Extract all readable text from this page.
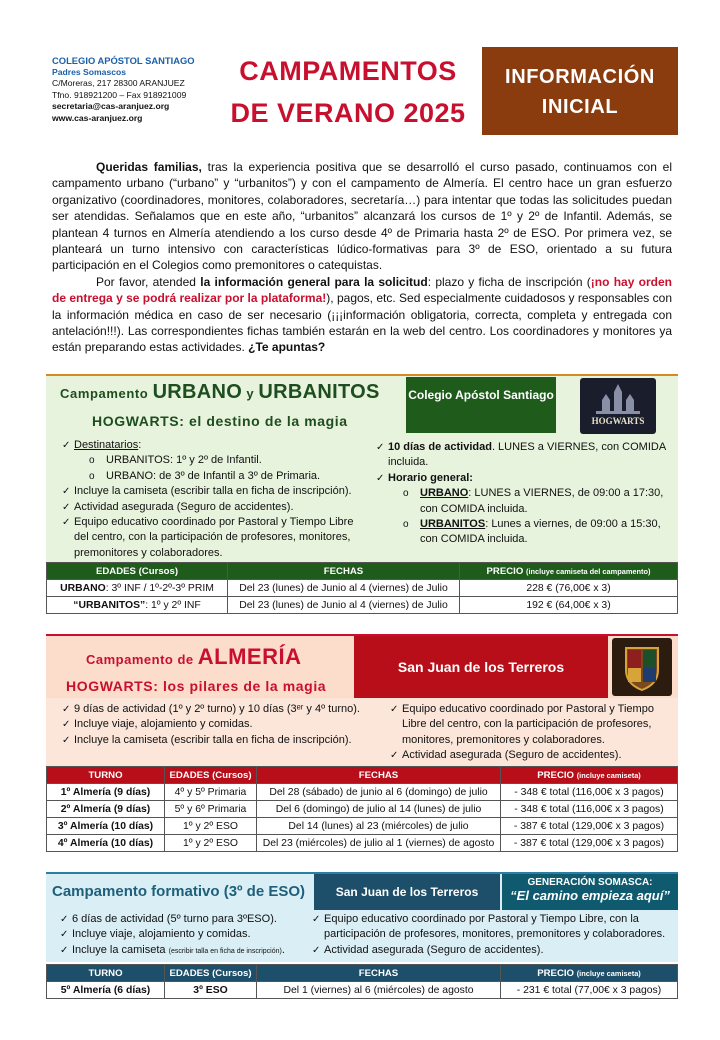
COLEGIO APÓSTOL SANTIAGO
Padres Somascos
C/Moreras, 217 28300 ARANJUEZ
Tfno. 918921200 – Fax 918921009
secretaria@cas-aranjuez.org
www.cas-aranjuez.org
CAMPAMENTOS
DE VERANO 2025
INFORMACIÓN
INICIAL

Queridas familias, tras la experiencia positiva que se desarrolló el curso pasado, continuamos con el campamento urbano (“urbano” y “urbanitos”) y con el campamento de Almería. El centro hace un gran esfuerzo organizativo (coordinadores, monitores, colaboradores, secretaría…) para intentar que todas las solicitudes puedan ser atendidas. Señalamos que en este año, “urbanitos” alcanzará los cursos de 1º y 2º de Infantil. Además, se plantean 4 turnos en Almería atendiendo a los curso desde 4º de Primaria hasta 2º de ESO. Por primera vez, se planteará un turno intensivo con características lúdico-formativas para 3º de ESO, orientado a su futura participación en el Colegios como premonitores o catequistas.

Por favor, atended la información general para la solicitud: plazo y ficha de inscripción (¡no hay orden de entrega y se podrá realizar por la plataforma!), pagos, etc. Sed especialmente cuidadosos y responsables con la información médica en caso de ser necesario (¡¡¡información obligatoria, correcta, completa y entregada con antelación!!!). Las correspondientes fichas también estarán en la web del centro. Los coordinadores y monitores ya están preparando estas actividades. ¿Te apuntas?

Campamento URBANO y URBANITOS
HOGWARTS: el destino de la magia
Colegio Apóstol Santiago
HOGWARTS
✓ Destinatarios:
o URBANITOS: 1º y 2º de Infantil.
o URBANO: de 3º de Infantil a 3º de Primaria.
✓ Incluye la camiseta (escribir talla en ficha de inscripción).
✓ Actividad asegurada (Seguro de accidentes).
✓ Equipo educativo coordinado por Pastoral y Tiempo Libre del centro, con la participación de profesores, monitores, premonitores y colaboradores.
✓ 10 días de actividad. LUNES a VIERNES, con COMIDA incluida.
✓ Horario general:
o URBANO: LUNES a VIERNES, de 09:00 a 17:30, con COMIDA incluida.
o URBANITOS: Lunes a viernes, de 09:00 a 15:30, con COMIDA incluida.
EDADES (Cursos)	FECHAS	PRECIO (incluye camiseta del campamento)
URBANO: 3º INF / 1º-2º-3º PRIM	Del 23 (lunes) de Junio al 4 (viernes) de Julio	228 € (76,00€ x 3)
“URBANITOS”: 1º y 2º INF	Del 23 (lunes) de Junio al 4 (viernes) de Julio	192 € (64,00€ x 3)
Campamento de ALMERÍA
HOGWARTS: los pilares de la magia
San Juan de los Terreros
✓ 9 días de actividad (1º y 2º turno) y 10 días (3ᵉʳ y 4º turno).
✓ Incluye viaje, alojamiento y comidas.
✓ Incluye la camiseta (escribir talla en ficha de inscripción).
✓ Equipo educativo coordinado por Pastoral y Tiempo Libre del centro, con la participación de profesores, monitores, premonitores y colaboradores.
✓ Actividad asegurada (Seguro de accidentes).
TURNO	EDADES (Cursos)	FECHAS	PRECIO (incluye camiseta)
1º Almería (9 días)	4º y 5º Primaria	Del 28 (sábado) de junio al 6 (domingo) de julio	- 348 € total (116,00€ x 3 pagos)
2º Almería (9 días)	5º y 6º Primaria	Del 6 (domingo) de julio al 14 (lunes) de julio	- 348 € total (116,00€ x 3 pagos)
3º Almería (10 días)	1º y 2º ESO	Del 14 (lunes) al 23 (miércoles) de julio	- 387 € total (129,00€ x 3 pagos)
4º Almería (10 días)	1º y 2º ESO	Del 23 (miércoles) de julio al 1 (viernes) de agosto	- 387 € total (129,00€ x 3 pagos)
Campamento formativo (3º de ESO)	San Juan de los Terreros
GENERACIÓN SOMASCA:
“El camino empieza aquí”
✓ 6 días de actividad (5º turno para 3ºESO).
✓ Incluye viaje, alojamiento y comidas.
✓ Incluye la camiseta (escribir talla en ficha de inscripción).
✓ Equipo educativo coordinado por Pastoral y Tiempo Libre, con la participación de profesores, monitores, premonitores y colaboradores.
✓ Actividad asegurada (Seguro de accidentes).
TURNO	EDADES (Cursos)	FECHAS	PRECIO (incluye camiseta)
5º Almería (6 días)	3º ESO	Del 1 (viernes) al 6 (miércoles) de agosto	- 231 € total (77,00€ x 3 pagos)
